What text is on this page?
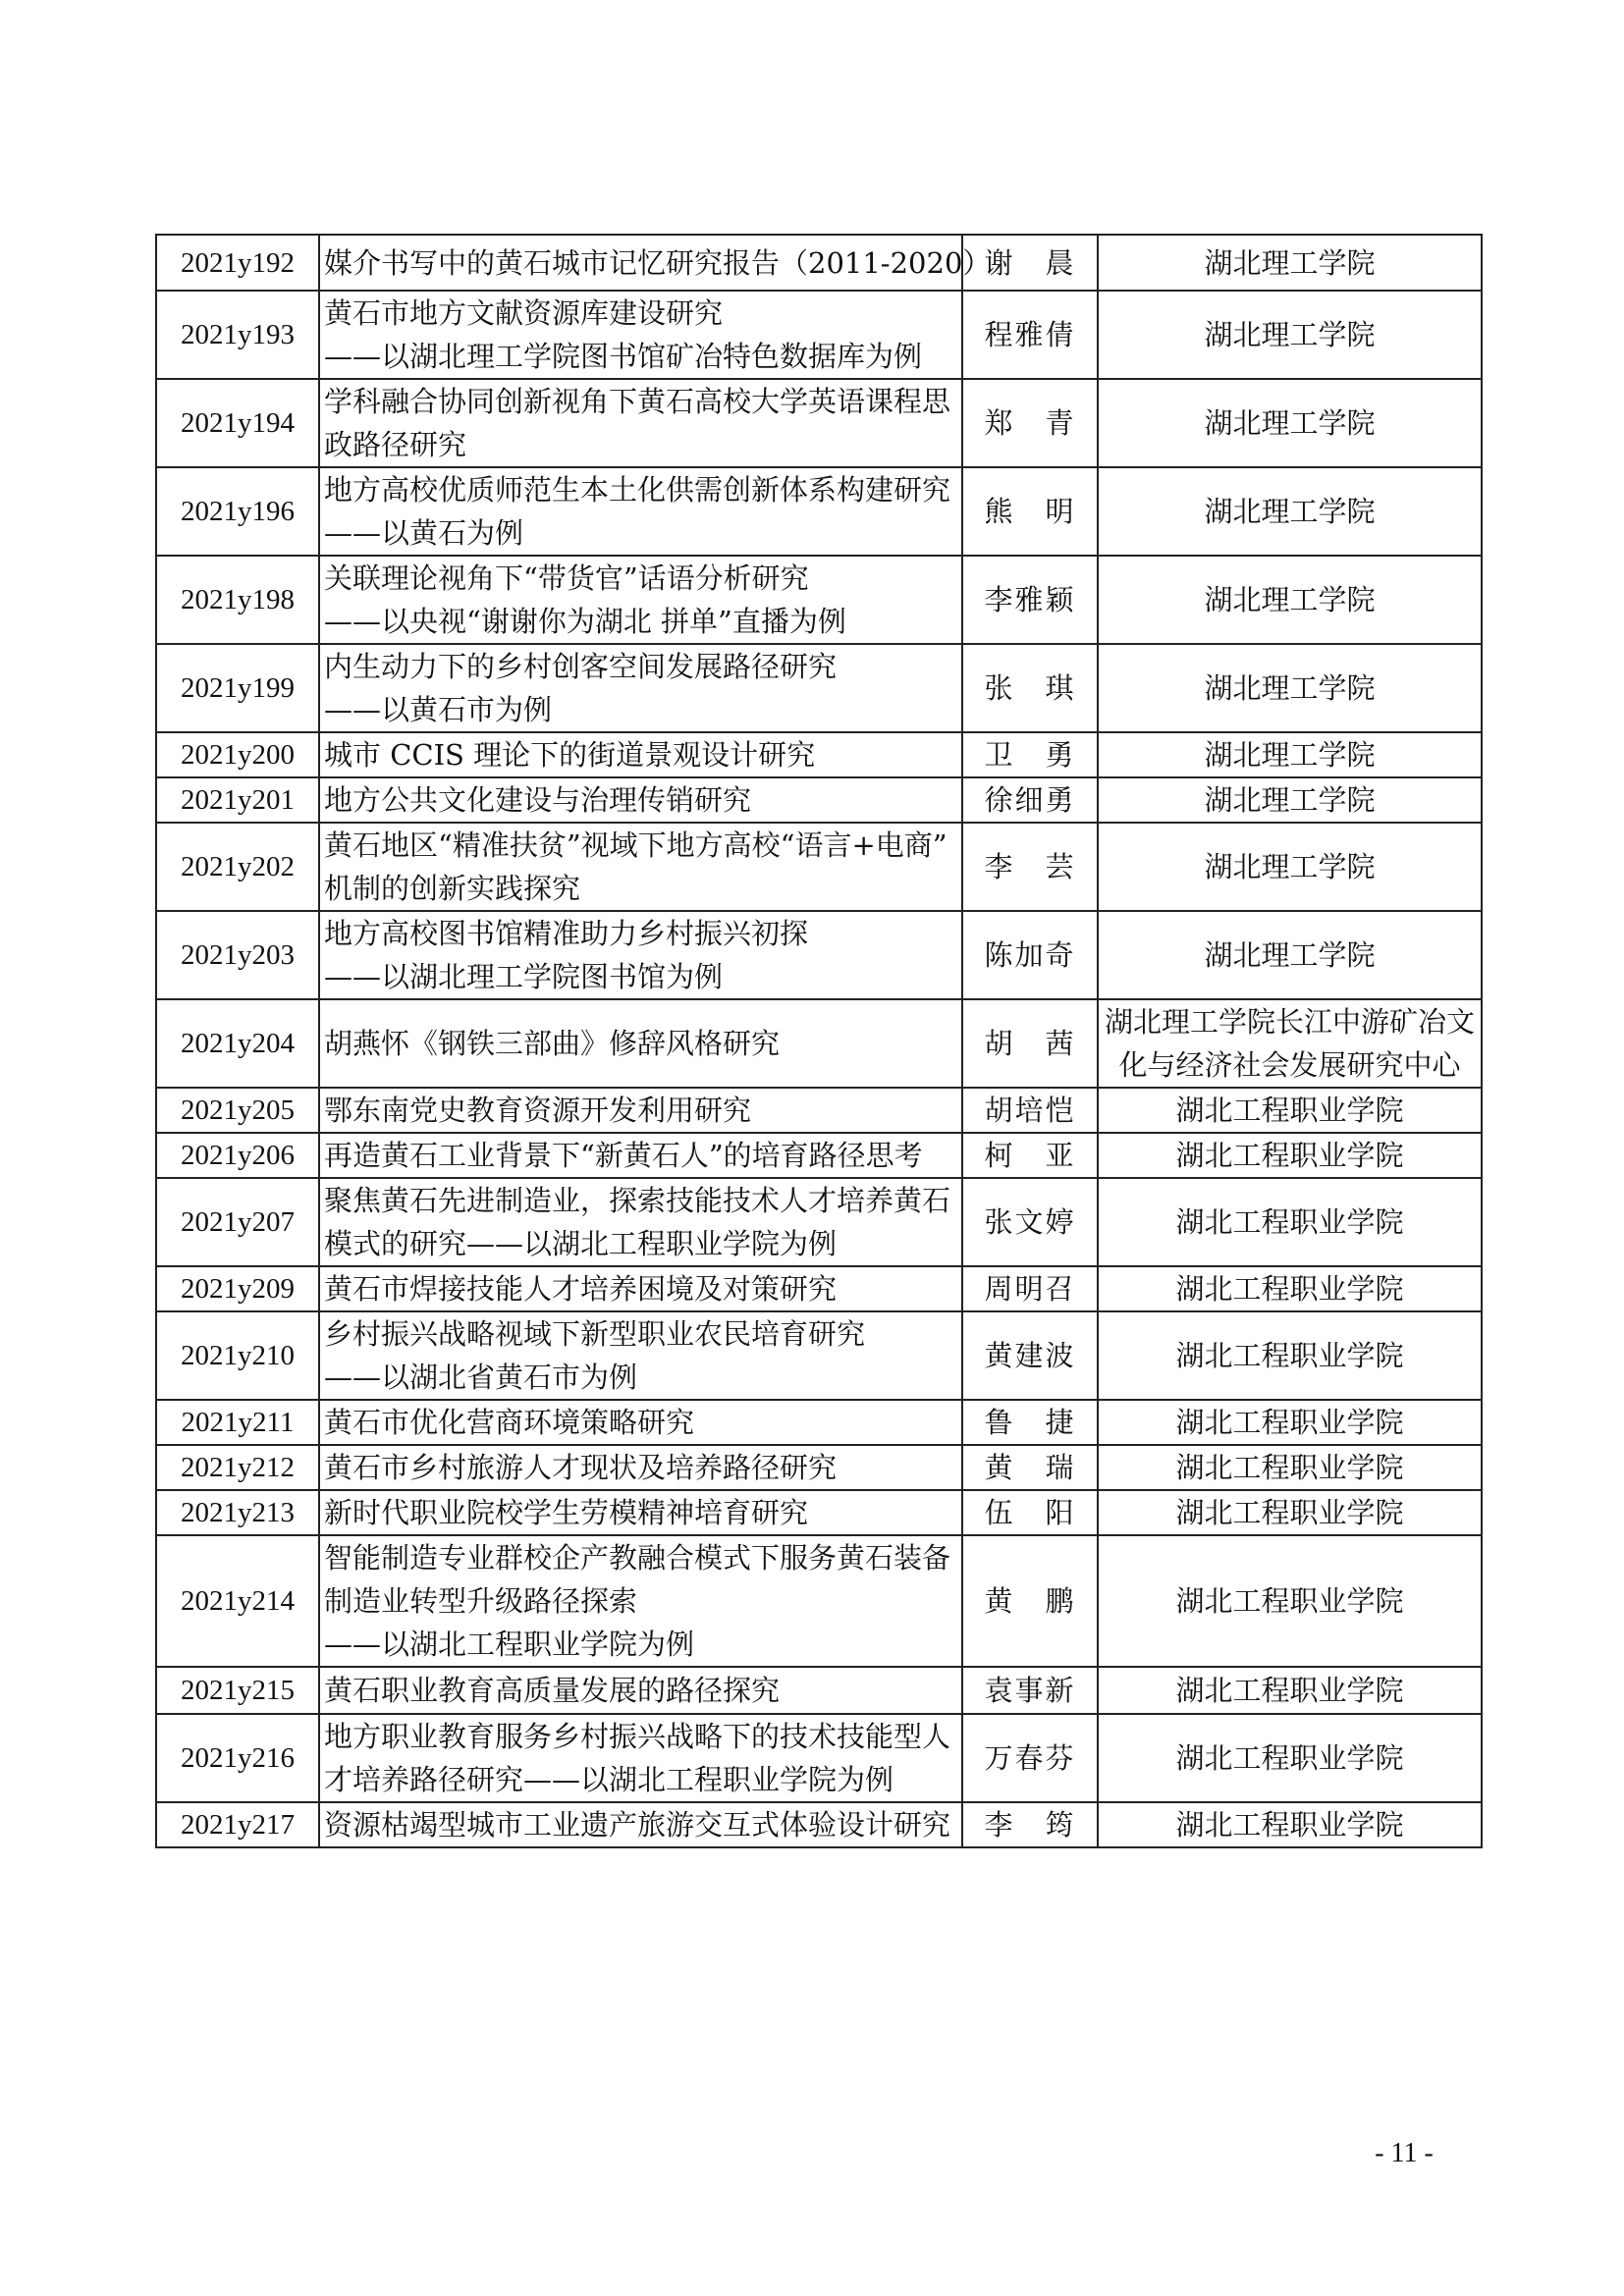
2021y192	媒介书写中的黄石城市记忆研究报告（2011-2020）	谢　晨	湖北理工学院

2021y193	黄石市地方文献资源库建设研究
——以湖北理工学院图书馆矿冶特色数据库为例	程雅倩	湖北理工学院

2021y194	学科融合协同创新视角下黄石高校大学英语课程思
政路径研究	郑　青	湖北理工学院

2021y196	地方高校优质师范生本土化供需创新体系构建研究
——以黄石为例	熊　明	湖北理工学院

2021y198	关联理论视角下“带货官”话语分析研究
——以央视“谢谢你为湖北 拼单”直播为例	李雅颖	湖北理工学院

2021y199	内生动力下的乡村创客空间发展路径研究
——以黄石市为例	张　琪	湖北理工学院

2021y200	城市 CCIS 理论下的街道景观设计研究	卫　勇	湖北理工学院

2021y201	地方公共文化建设与治理传销研究	徐细勇	湖北理工学院

2021y202	黄石地区“精准扶贫”视域下地方高校“语言+电商”
机制的创新实践探究	李　芸	湖北理工学院

2021y203	地方高校图书馆精准助力乡村振兴初探
——以湖北理工学院图书馆为例	陈加奇	湖北理工学院

2021y204	胡燕怀《钢铁三部曲》修辞风格研究	胡　茜	湖北理工学院长江中游矿冶文
化与经济社会发展研究中心

2021y205	鄂东南党史教育资源开发利用研究	胡培恺	湖北工程职业学院

2021y206	再造黄石工业背景下“新黄石人”的培育路径思考	柯　亚	湖北工程职业学院

2021y207	聚焦黄石先进制造业，探索技能技术人才培养黄石
模式的研究——以湖北工程职业学院为例	张文婷	湖北工程职业学院

2021y209	黄石市焊接技能人才培养困境及对策研究	周明召	湖北工程职业学院

2021y210	乡村振兴战略视域下新型职业农民培育研究
——以湖北省黄石市为例	黄建波	湖北工程职业学院

2021y211	黄石市优化营商环境策略研究	鲁　捷	湖北工程职业学院

2021y212	黄石市乡村旅游人才现状及培养路径研究	黄　瑞	湖北工程职业学院

2021y213	新时代职业院校学生劳模精神培育研究	伍　阳	湖北工程职业学院

2021y214	智能制造专业群校企产教融合模式下服务黄石装备
制造业转型升级路径探索
——以湖北工程职业学院为例	黄　鹏	湖北工程职业学院

2021y215	黄石职业教育高质量发展的路径探究	袁事新	湖北工程职业学院

2021y216	地方职业教育服务乡村振兴战略下的技术技能型人
才培养路径研究——以湖北工程职业学院为例	万春芬	湖北工程职业学院

2021y217	资源枯竭型城市工业遗产旅游交互式体验设计研究	李　筠	湖北工程职业学院
- 11 -
